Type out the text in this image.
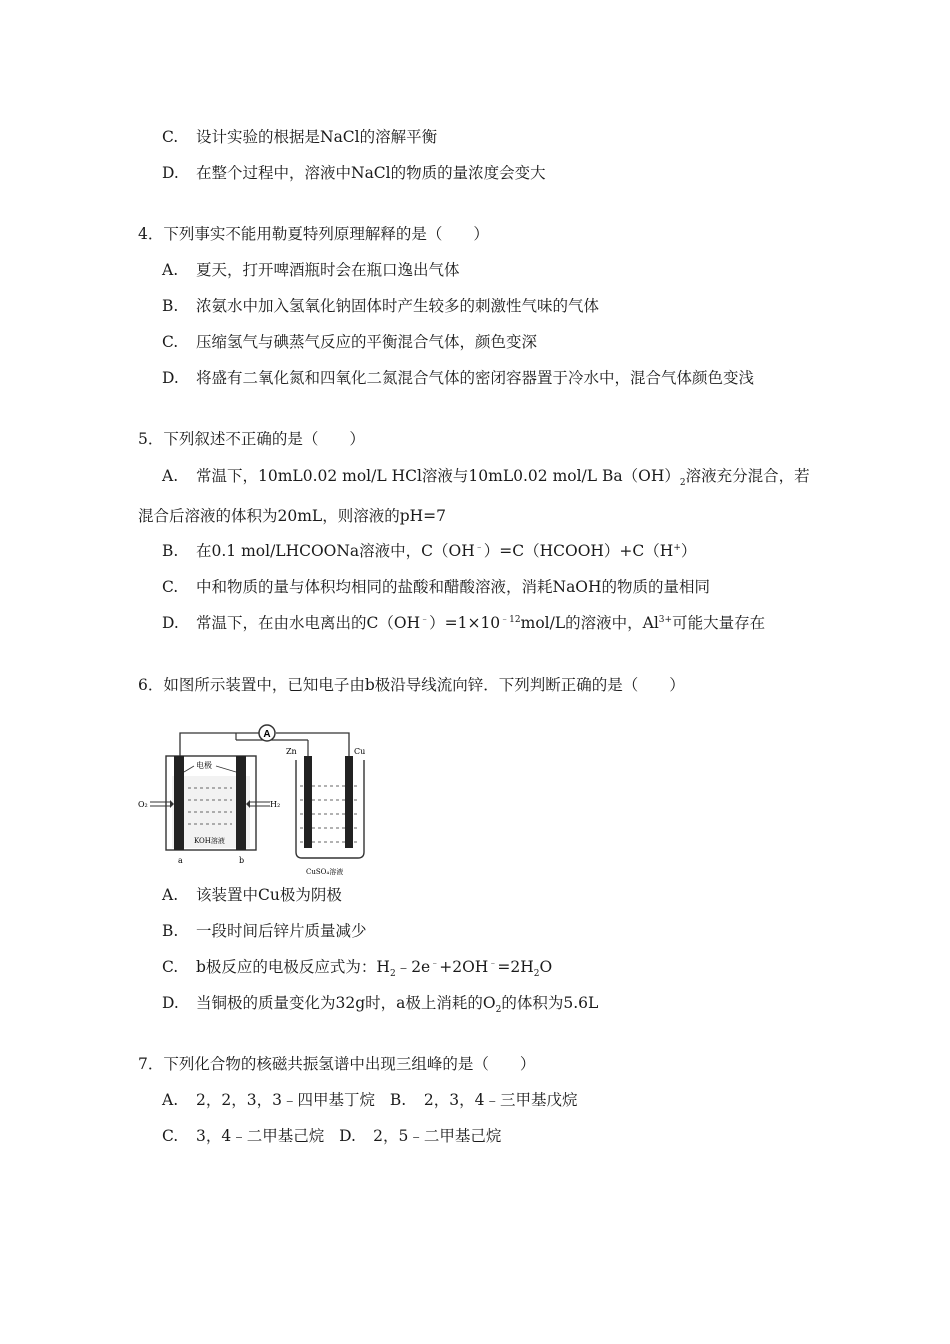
C. 设计实验的根据是NaCl的溶解平衡
D. 在整个过程中，溶液中NaCl的物质的量浓度会变大
4．下列事实不能用勒夏特列原理解释的是（　　）
A. 夏天，打开啤酒瓶时会在瓶口逸出气体
B. 浓氨水中加入氢氧化钠固体时产生较多的刺激性气味的气体
C. 压缩氢气与碘蒸气反应的平衡混合气体，颜色变深
D. 将盛有二氧化氮和四氧化二氮混合气体的密闭容器置于冷水中，混合气体颜色变浅
5．下列叙述不正确的是（　　）
A. 常温下，10mL0.02 mol/L HCl溶液与10mL0.02 mol/L $Ba(OH)_2$溶液充分混合，若
混合后溶液的体积为20mL，则溶液的pH=7
B. 在0.1 mol/LHCOONa溶液中，C（OH﹣）=C（HCOOH）+C（H+）
C. 中和物质的量与体积均相同的盐酸和醋酸溶液，消耗NaOH的物质的量相同
D. 常温下，在由水电离出的$C(OH^﹣)=1\times 10^{﹣12}mol/L$的溶液中，$Al^{3+}$可能大量存在
6．如图所示装置中，已知电子由b极沿导线流向锌．下列判断正确的是（　　）
A
电极
KOH溶液
a	b
O₂	H₂
Zn	Cu
CuSO₄溶液
A. 该装置中Cu极为阴极
B. 一段时间后锌片质量减少
C. b极反应的电极反应式为：$H_2﹣2e^﹣+2OH^﹣=2H_2O$
D. 当铜极的质量变化为32g时，a极上消耗的$O_2$的体积为5.6L
7．下列化合物的核磁共振氢谱中出现三组峰的是（　　）
A. 2，2，3，3﹣四甲基丁烷 B. 2，3，4﹣三甲基戊烷
C. 3，4﹣二甲基己烷 D. 2，5﹣二甲基己烷
